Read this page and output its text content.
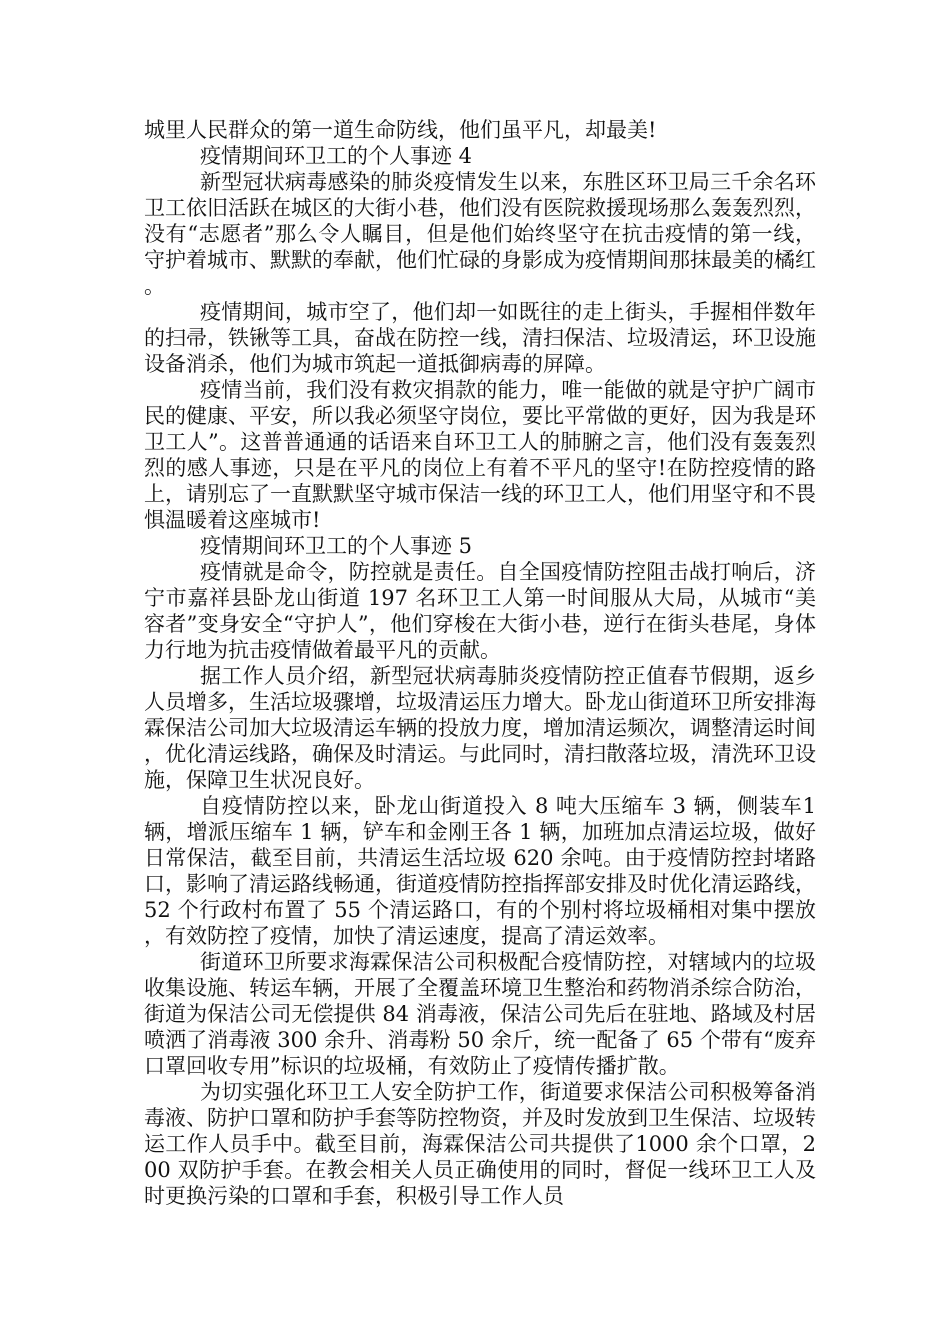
城里人民群众的第一道生命防线，他们虽平凡，却最美!

疫情期间环卫工的个人事迹 4

新型冠状病毒感染的肺炎疫情发生以来，东胜区环卫局三千余名环卫工依旧活跃在城区的大街小巷，他们没有医院救援现场那么轰轰烈烈，没有“志愿者”那么令人瞩目，但是他们始终坚守在抗击疫情的第一线，守护着城市、默默的奉献，他们忙碌的身影成为疫情期间那抹最美的橘红。

疫情期间，城市空了，他们却一如既往的走上街头，手握相伴数年的扫帚，铁锹等工具，奋战在防控一线，清扫保洁、垃圾清运，环卫设施设备消杀，他们为城市筑起一道抵御病毒的屏障。

疫情当前，我们没有救灾捐款的能力，唯一能做的就是守护广阔市民的健康、平安，所以我必须坚守岗位，要比平常做的更好，因为我是环卫工人”。这普普通通的话语来自环卫工人的肺腑之言，他们没有轰轰烈烈的感人事迹，只是在平凡的岗位上有着不平凡的坚守!在防控疫情的路上，请别忘了一直默默坚守城市保洁一线的环卫工人，他们用坚守和不畏惧温暖着这座城市!

疫情期间环卫工的个人事迹 5

疫情就是命令，防控就是责任。自全国疫情防控阻击战打响后，济宁市嘉祥县卧龙山街道 197 名环卫工人第一时间服从大局，从城市“美容者”变身安全“守护人”，他们穿梭在大街小巷，逆行在街头巷尾，身体力行地为抗击疫情做着最平凡的贡献。

据工作人员介绍，新型冠状病毒肺炎疫情防控正值春节假期，返乡人员增多，生活垃圾骤增，垃圾清运压力增大。卧龙山街道环卫所安排海霖保洁公司加大垃圾清运车辆的投放力度，增加清运频次，调整清运时间，优化清运线路，确保及时清运。与此同时，清扫散落垃圾，清洗环卫设施，保障卫生状况良好。

自疫情防控以来，卧龙山街道投入 8 吨大压缩车 3 辆，侧装车1 辆，增派压缩车 1 辆，铲车和金刚王各 1 辆，加班加点清运垃圾，做好日常保洁，截至目前，共清运生活垃圾 620 余吨。由于疫情防控封堵路口，影响了清运路线畅通，街道疫情防控指挥部安排及时优化清运路线，52 个行政村布置了 55 个清运路口，有的个别村将垃圾桶相对集中摆放，有效防控了疫情，加快了清运速度，提高了清运效率。

街道环卫所要求海霖保洁公司积极配合疫情防控，对辖域内的垃圾收集设施、转运车辆，开展了全覆盖环境卫生整治和药物消杀综合防治，街道为保洁公司无偿提供 84 消毒液，保洁公司先后在驻地、路域及村居喷洒了消毒液 300 余升、消毒粉 50 余斤，统一配备了 65 个带有“废弃口罩回收专用”标识的垃圾桶，有效防止了疫情传播扩散。

为切实强化环卫工人安全防护工作，街道要求保洁公司积极筹备消毒液、防护口罩和防护手套等防控物资，并及时发放到卫生保洁、垃圾转运工作人员手中。截至目前，海霖保洁公司共提供了1000 余个口罩，200 双防护手套。在教会相关人员正确使用的同时，督促一线环卫工人及时更换污染的口罩和手套，积极引导工作人员
